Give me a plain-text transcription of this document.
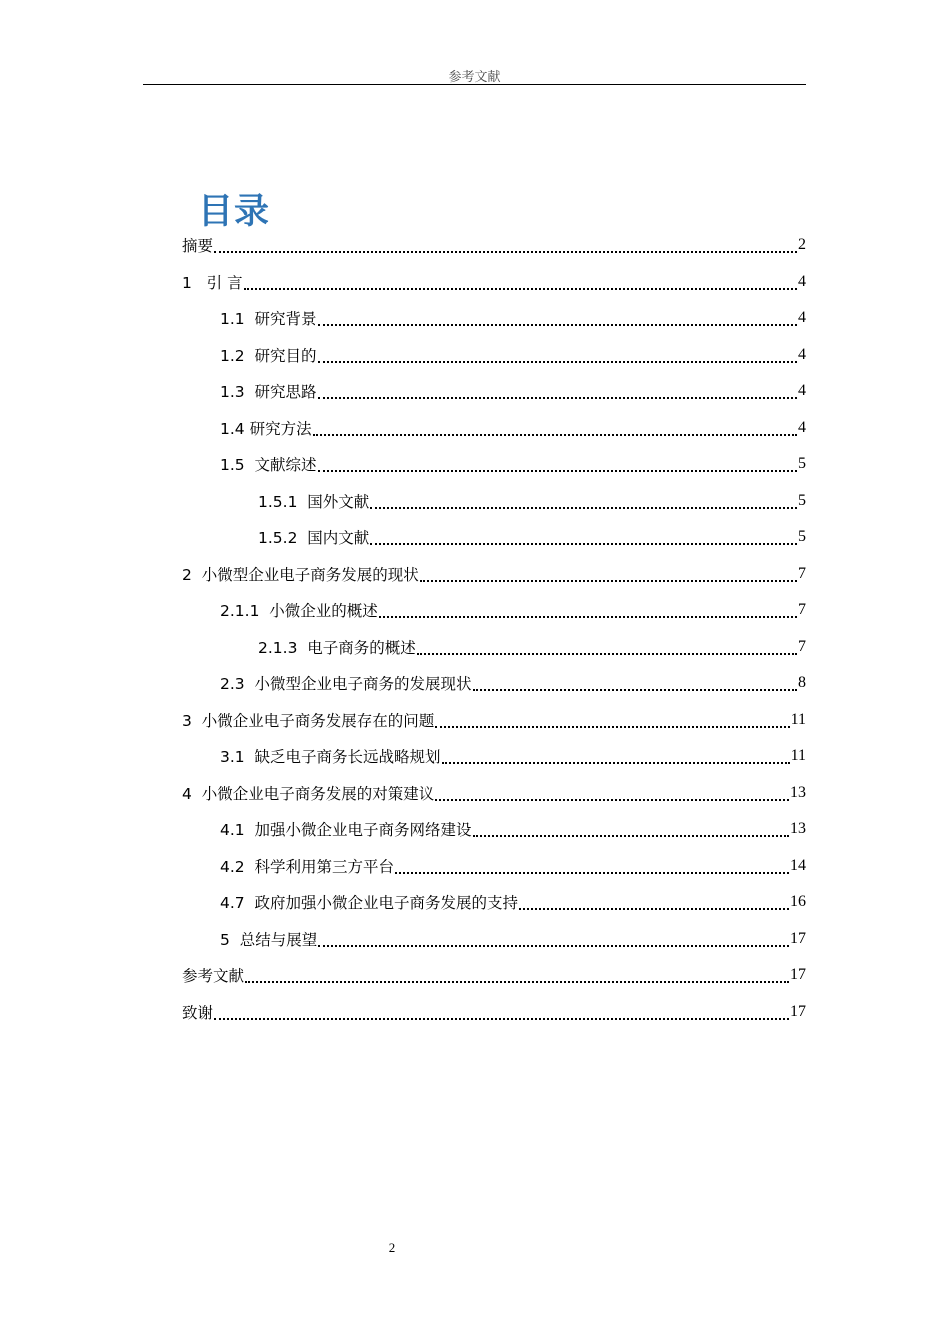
参考文献
目录
摘要	2
1   引 言	4
1.1  研究背景	4
1.2  研究目的	4
1.3  研究思路	4
1.4 研究方法	4
1.5  文献综述	5
1.5.1  国外文献	5
1.5.2  国内文献	5
2  小微型企业电子商务发展的现状	7
2.1.1  小微企业的概述	7
2.1.3  电子商务的概述	7
2.3  小微型企业电子商务的发展现状	8
3  小微企业电子商务发展存在的问题	11
3.1  缺乏电子商务长远战略规划	11
4  小微企业电子商务发展的对策建议	13
4.1  加强小微企业电子商务网络建设	13
4.2  科学利用第三方平台	14
4.7  政府加强小微企业电子商务发展的支持	16
5  总结与展望	17
参考文献	17
致谢	17
2
